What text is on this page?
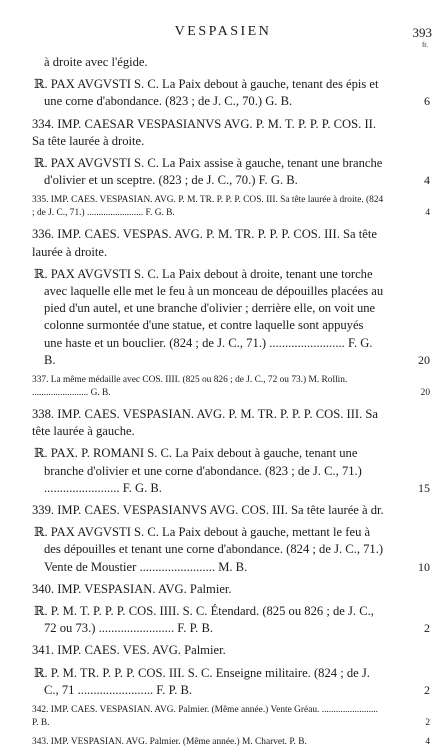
VESPASIEN	393
fr.
à droite avec l'égide.
ℝ. PAX AVGVSTI S. C. La Paix debout à gauche, tenant des épis et une corne d'abondance. (823 ; de J. C., 70.) G. B.	6
334. IMP. CAESAR VESPASIANVS AVG. P. M. T. P. P. P. COS. II. Sa tête laurée à droite.
ℝ. PAX AVGVSTI S. C. La Paix assise à gauche, tenant une branche d'olivier et un sceptre. (823 ; de J. C., 70.) F. G. B.	4
335. IMP. CAES. VESPASIAN. AVG. P. M. TR. P. P. P. COS. III. Sa tête laurée à droite. (824 ; de J. C., 71.) ........................ F. G. B.	4
336. IMP. CAES. VESPAS. AVG. P. M. TR. P. P. P. COS. III. Sa tête laurée à droite.
ℝ. PAX AVGVSTI S. C. La Paix debout à droite, tenant une torche avec laquelle elle met le feu à un monceau de dépouilles placées au pied d'un autel, et une branche d'olivier ; derrière elle, on voit une colonne surmontée d'une statue, et contre laquelle sont appuyés une haste et un bouclier. (824 ; de J. C., 71.) ........................ F. G. B.	20
337. La même médaille avec COS. IIII. (825 ou 826 ; de J. C., 72 ou 73.) M. Rollin. ........................ G. B.	20
338. IMP. CAES. VESPASIAN. AVG. P. M. TR. P. P. P. COS. III. Sa tête laurée à gauche.
ℝ. PAX. P. ROMANI S. C. La Paix debout à gauche, tenant une branche d'olivier et une corne d'abondance. (823 ; de J. C., 71.) ........................ F. G. B.	15
339. IMP. CAES. VESPASIANVS AVG. COS. III. Sa tête laurée à dr.
ℝ. PAX AVGVSTI S. C. La Paix debout à gauche, mettant le feu à des dépouilles et tenant une corne d'abondance. (824 ; de J. C., 71.) Vente de Moustier ........................ M. B.	10
340. IMP. VESPASIAN. AVG. Palmier.
ℝ. P. M. T. P. P. P. COS. IIII. S. C. Étendard. (825 ou 826 ; de J. C., 72 ou 73.) ........................ F. P. B.	2
341. IMP. CAES. VES. AVG. Palmier.
ℝ. P. M. TR. P. P. P. COS. III. S. C. Enseigne militaire. (824 ; de J. C., 71 ........................ F. P. B.	2
342. IMP. CAES. VESPASIAN. AVG. Palmier. (Même année.) Vente Gréau. ........................ P. B.	2
343. IMP. VESPASIAN. AVG. Palmier. (Même année.) M. Charvet. P. B.	4
